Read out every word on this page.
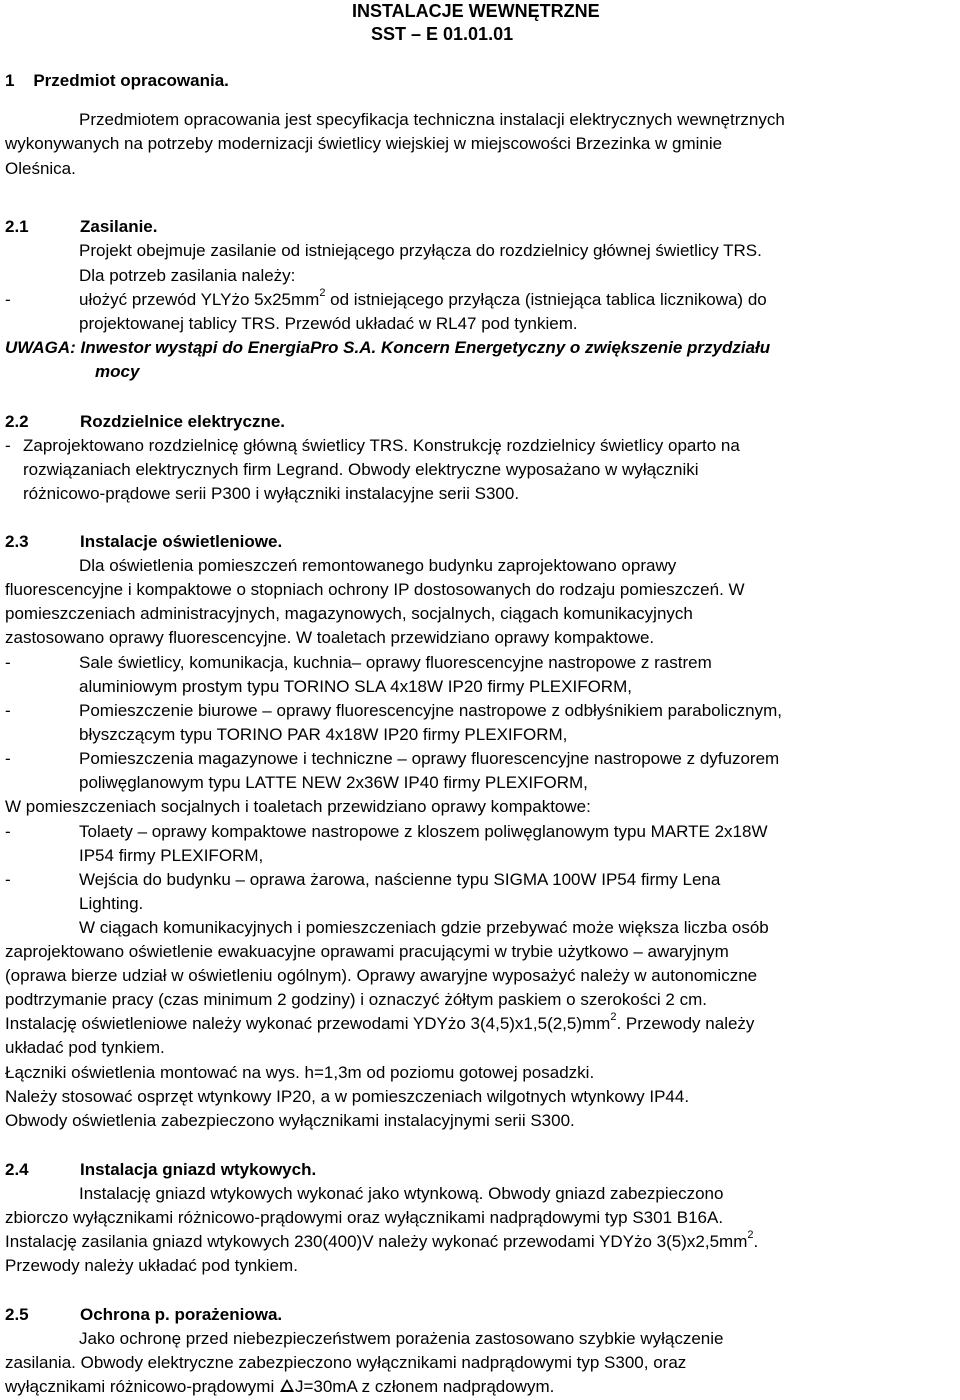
INSTALACJE WEWNĘTRZNE
SST – E 01.01.01
1    Przedmiot opracowania.
Przedmiotem opracowania jest specyfikacja techniczna instalacji elektrycznych wewnętrznych
wykonywanych na potrzeby modernizacji świetlicy wiejskiej w miejscowości Brzezinka w gminie
Oleśnica.
2.1	Zasilanie.
Projekt obejmuje zasilanie od istniejącego przyłącza do rozdzielnicy głównej świetlicy TRS.
Dla potrzeb zasilania należy:
-	ułożyć przewód YLYżo $5x25mm^2$ od istniejącego przyłącza (istniejąca tablica licznikowa) do
projektowanej tablicy TRS. Przewód układać w RL47 pod tynkiem.
UWAGA: Inwestor wystąpi do EnergiaPro S.A. Koncern Energetyczny o zwiększenie przydziału
mocy
2.2	Rozdzielnice elektryczne.
- Zaprojektowano rozdzielnicę główną świetlicy TRS. Konstrukcję rozdzielnicy świetlicy oparto na
rozwiązaniach elektrycznych firm Legrand. Obwody elektryczne wyposażano w wyłączniki
różnicowo-prądowe serii P300 i wyłączniki instalacyjne serii S300.
2.3	Instalacje oświetleniowe.
Dla oświetlenia pomieszczeń remontowanego budynku zaprojektowano oprawy
fluorescencyjne i kompaktowe o stopniach ochrony IP dostosowanych do rodzaju pomieszczeń. W
pomieszczeniach administracyjnych, magazynowych, socjalnych, ciągach komunikacyjnych
zastosowano oprawy fluorescencyjne. W toaletach przewidziano oprawy kompaktowe.
-	Sale świetlicy, komunikacja, kuchnia– oprawy fluorescencyjne nastropowe z rastrem
aluminiowym prostym typu TORINO SLA 4x18W IP20 firmy PLEXIFORM,
-	Pomieszczenie biurowe – oprawy fluorescencyjne nastropowe z odbłyśnikiem parabolicznym,
błyszczącym typu TORINO PAR 4x18W IP20 firmy PLEXIFORM,
-	Pomieszczenia magazynowe i techniczne – oprawy fluorescencyjne nastropowe z dyfuzorem
poliwęglanowym typu LATTE NEW 2x36W IP40 firmy PLEXIFORM,
W pomieszczeniach socjalnych i toaletach przewidziano oprawy kompaktowe:
-	Tolaety – oprawy kompaktowe nastropowe z kloszem poliwęglanowym typu MARTE 2x18W
IP54 firmy PLEXIFORM,
-	Wejścia do budynku – oprawa żarowa, naścienne typu SIGMA 100W IP54 firmy Lena
Lighting.
W ciągach komunikacyjnych i pomieszczeniach gdzie przebywać może większa liczba osób
zaprojektowano oświetlenie ewakuacyjne oprawami pracującymi w trybie użytkowo – awaryjnym
(oprawa bierze udział w oświetleniu ogólnym). Oprawy awaryjne wyposażyć należy w autonomiczne
podtrzymanie pracy (czas minimum 2 godziny) i oznaczyć żółtym paskiem o szerokości 2 cm.
Instalację oświetleniowe należy wykonać przewodami YDYżo $3(4,5)x1,5(2,5)mm^2$. Przewody należy
układać pod tynkiem.
Łączniki oświetlenia montować na wys. h=1,3m od poziomu gotowej posadzki.
Należy stosować osprzęt wtynkowy IP20, a w pomieszczeniach wilgotnych wtynkowy IP44.
Obwody oświetlenia zabezpieczono wyłącznikami instalacyjnymi serii S300.
2.4	Instalacja gniazd wtykowych.
Instalację gniazd wtykowych wykonać jako wtynkową. Obwody gniazd zabezpieczono
zbiorczo wyłącznikami różnicowo-prądowymi oraz wyłącznikami nadprądowymi typ S301 B16A.
Instalację zasilania gniazd wtykowych 230(400)V należy wykonać przewodami YDYżo $3(5)x2,5mm^2$.
Przewody należy układać pod tynkiem.
2.5	Ochrona p. porażeniowa.
Jako ochronę przed niebezpieczeństwem porażenia zastosowano szybkie wyłączenie
zasilania. Obwody elektryczne zabezpieczono wyłącznikami nadprądowymi typ S300, oraz
wyłącznikami różnicowo-prądowymi J=30mA z członem nadprądowym.
